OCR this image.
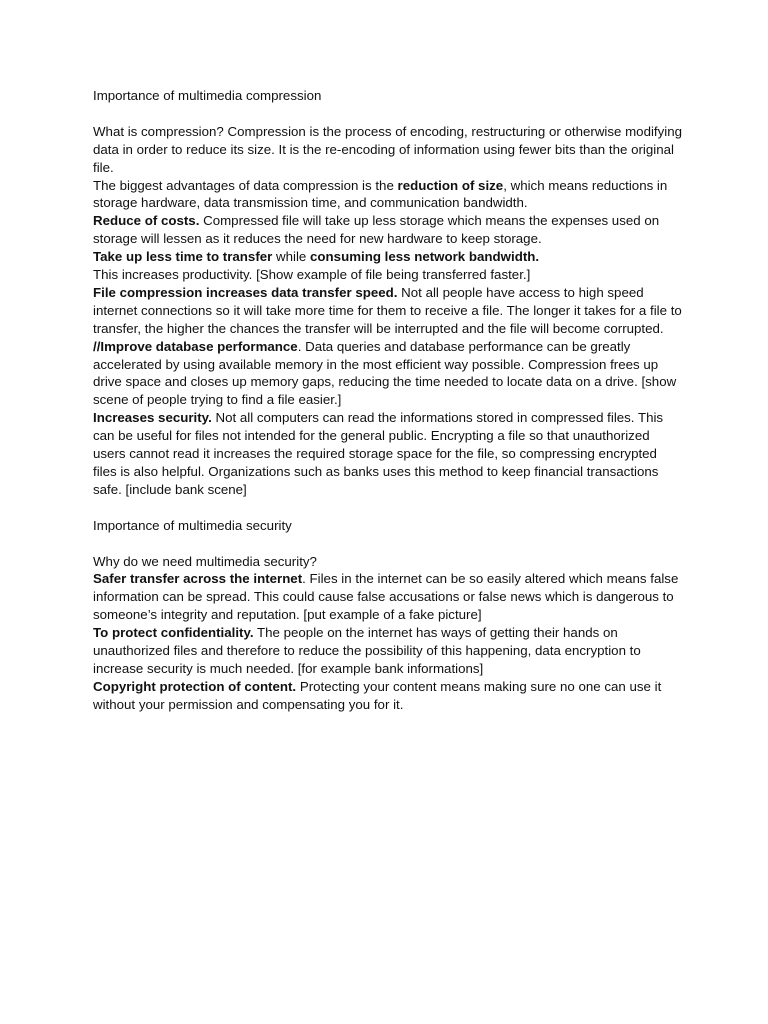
Importance of multimedia compression

What is compression? Compression is the process of encoding, restructuring or otherwise modifying data in order to reduce its size. It is the re-encoding of information using fewer bits than the original file.

The biggest advantages of data compression is the reduction of size, which means reductions in storage hardware, data transmission time, and communication bandwidth.

Reduce of costs. Compressed file will take up less storage which means the expenses used on storage will lessen as it reduces the need for new hardware to keep storage.

Take up less time to transfer while consuming less network bandwidth.

This increases productivity. [Show example of file being transferred faster.]

File compression increases data transfer speed. Not all people have access to high speed internet connections so it will take more time for them to receive a file. The longer it takes for a file to transfer, the higher the chances the transfer will be interrupted and the file will become corrupted.

//Improve database performance. Data queries and database performance can be greatly accelerated by using available memory in the most efficient way possible. Compression frees up drive space and closes up memory gaps, reducing the time needed to locate data on a drive. [show scene of people trying to find a file easier.]

Increases security. Not all computers can read the informations stored in compressed files. This can be useful for files not intended for the general public. Encrypting a file so that unauthorized users cannot read it increases the required storage space for the file, so compressing encrypted files is also helpful. Organizations such as banks uses this method to keep financial transactions safe. [include bank scene]

Importance of multimedia security

Why do we need multimedia security?

Safer transfer across the internet. Files in the internet can be so easily altered which means false information can be spread. This could cause false accusations or false news which is dangerous to someone’s integrity and reputation. [put example of a fake picture]

To protect confidentiality. The people on the internet has ways of getting their hands on unauthorized files and therefore to reduce the possibility of this happening, data encryption to increase security is much needed. [for example bank informations]

Copyright protection of content. Protecting your content means making sure no one can use it without your permission and compensating you for it.
